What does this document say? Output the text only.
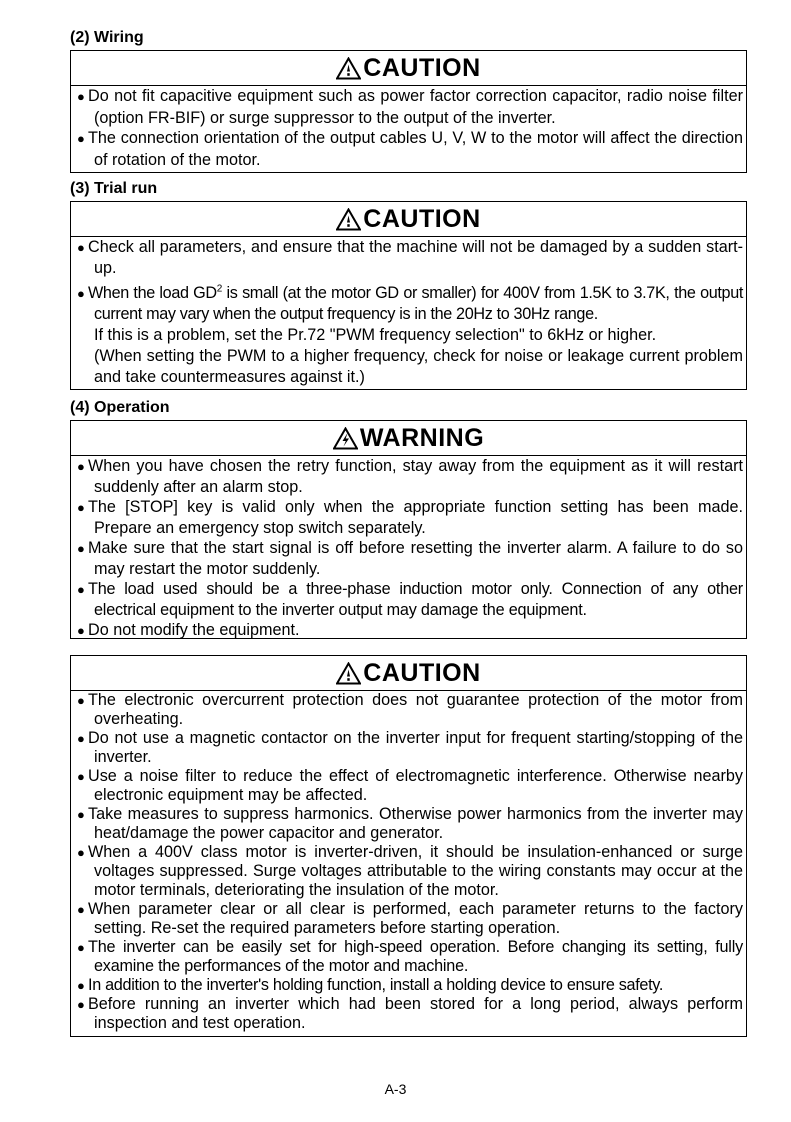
(2) Wiring
CAUTION
● Do not fit capacitive equipment such as power factor correction capacitor, radio noise filter (option FR-BIF) or surge suppressor to the output of the inverter.
● The connection orientation of the output cables U, V, W to the motor will affect the direction of rotation of the motor.
(3) Trial run
CAUTION
● Check all parameters, and ensure that the machine will not be damaged by a sudden start-up.
● When the load $GD^2$ is small (at the motor GD or smaller) for 400V from 1.5K to 3.7K, the output current may vary when the output frequency is in the 20Hz to 30Hz range.
If this is a problem, set the Pr.72 "PWM frequency selection" to 6kHz or higher.
(When setting the PWM to a higher frequency, check for noise or leakage current problem and take countermeasures against it.)
(4) Operation
WARNING
● When you have chosen the retry function, stay away from the equipment as it will restart suddenly after an alarm stop.
● The [STOP] key is valid only when the appropriate function setting has been made. Prepare an emergency stop switch separately.
● Make sure that the start signal is off before resetting the inverter alarm. A failure to do so may restart the motor suddenly.
● The load used should be a three-phase induction motor only. Connection of any other electrical equipment to the inverter output may damage the equipment.
● Do not modify the equipment.
CAUTION
● The electronic overcurrent protection does not guarantee protection of the motor from overheating.
● Do not use a magnetic contactor on the inverter input for frequent starting/stopping of the inverter.
● Use a noise filter to reduce the effect of electromagnetic interference. Otherwise nearby electronic equipment may be affected.
● Take measures to suppress harmonics. Otherwise power harmonics from the inverter may heat/damage the power capacitor and generator.
● When a 400V class motor is inverter-driven, it should be insulation-enhanced or surge voltages suppressed. Surge voltages attributable to the wiring constants may occur at the motor terminals, deteriorating the insulation of the motor.
● When parameter clear or all clear is performed, each parameter returns to the factory setting. Re-set the required parameters before starting operation.
● The inverter can be easily set for high-speed operation. Before changing its setting, fully examine the performances of the motor and machine.
● In addition to the inverter's holding function, install a holding device to ensure safety.
● Before running an inverter which had been stored for a long period, always perform inspection and test operation.
A-3
